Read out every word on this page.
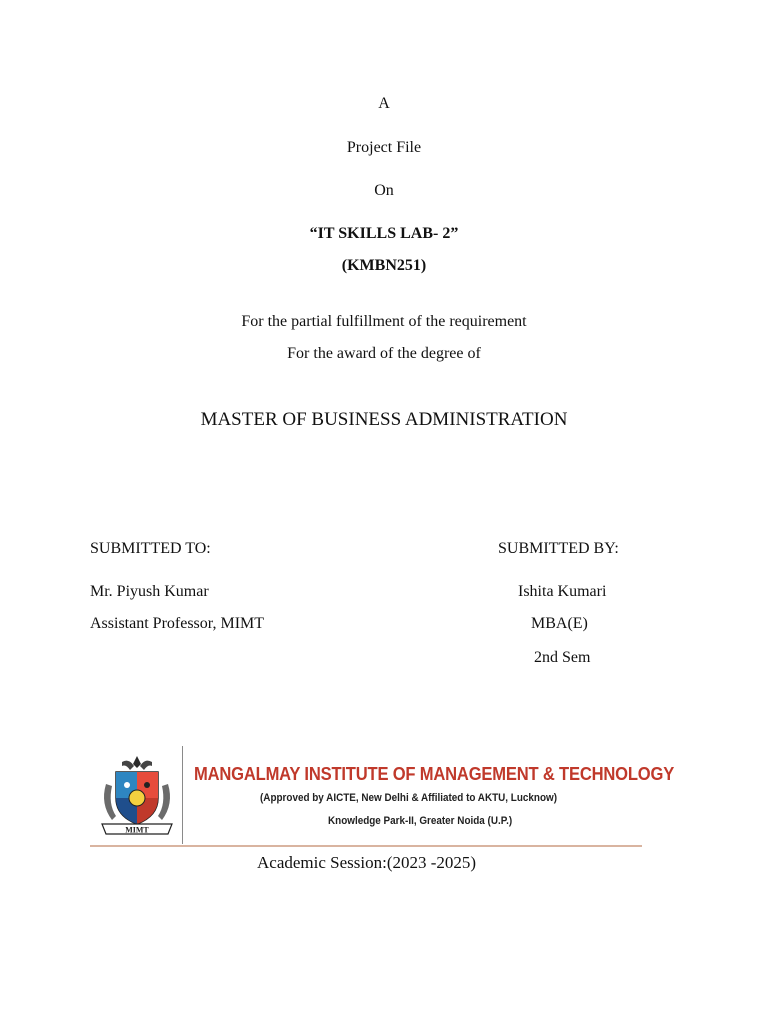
A
Project File
On
“IT SKILLS LAB- 2”
(KMBN251)
For the partial fulfillment of the requirement
For the award of the degree of
MASTER OF BUSINESS ADMINISTRATION
SUBMITTED TO:
Mr. Piyush Kumar
Assistant Professor, MIMT
SUBMITTED BY:
Ishita Kumari
MBA(E)
2nd Sem
MIMT
MANGALMAY INSTITUTE OF MANAGEMENT & TECHNOLOGY
(Approved by AICTE, New Delhi & Affiliated to AKTU, Lucknow)
Knowledge Park-II, Greater Noida (U.P.)
Academic Session:(2023 -2025)
